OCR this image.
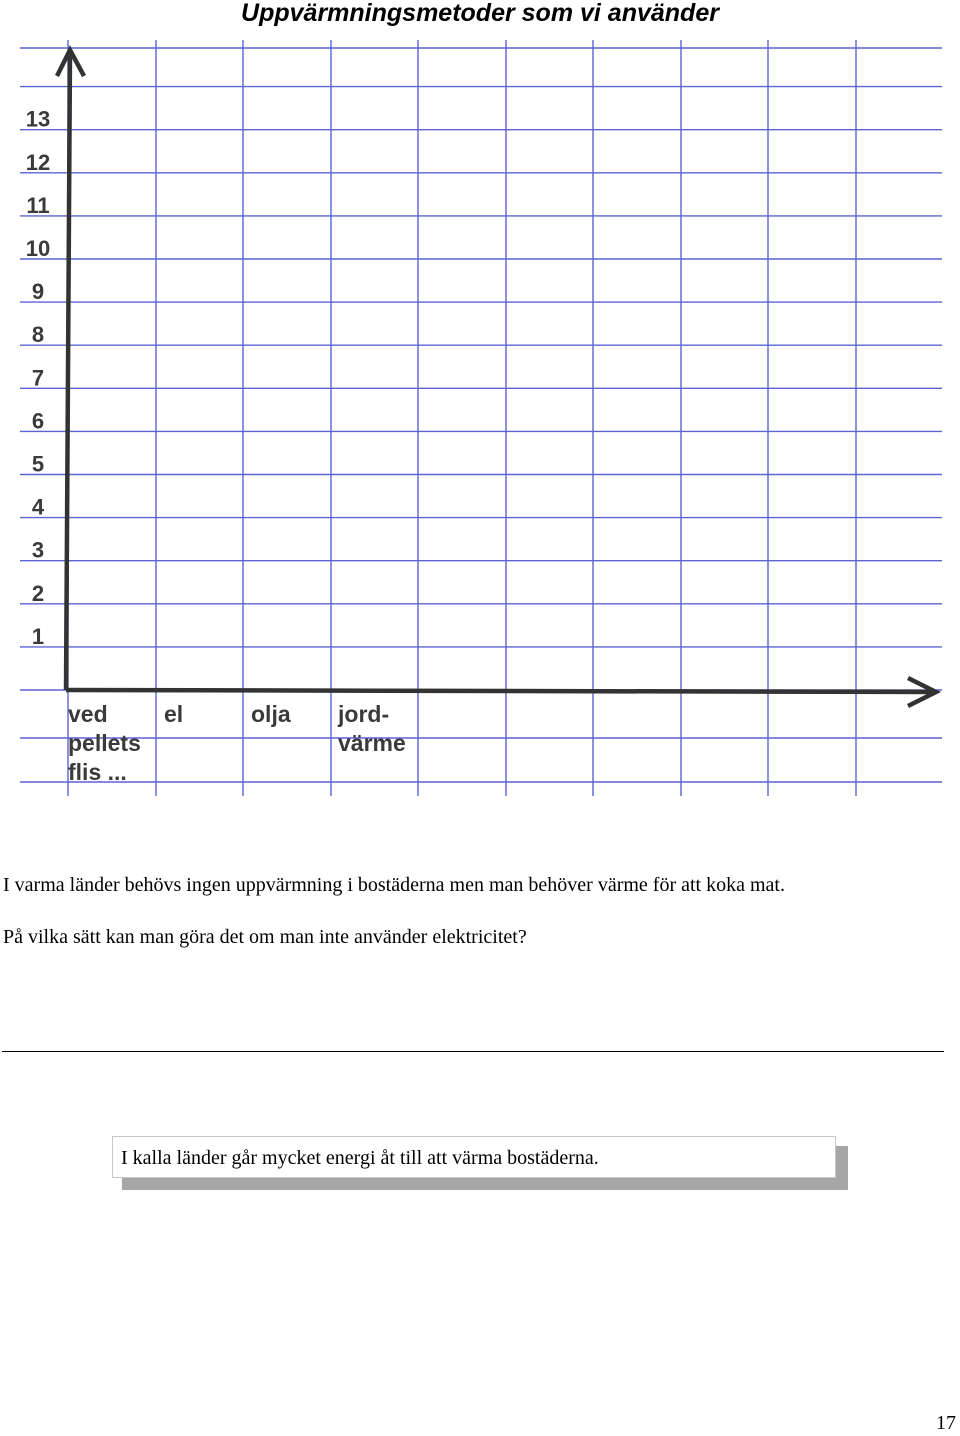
Uppvärmningsmetoder som vi använder
1
2
3
4
5
6
7
8
9
10
11
12
13
ved
pellets
flis ...
el	olja jord-
värme
I varma länder behövs ingen uppvärmning i bostäderna men man behöver värme för att koka mat.
På vilka sätt kan man göra det om man inte använder elektricitet?
I kalla länder går mycket energi åt till att värma bostäderna.
17
